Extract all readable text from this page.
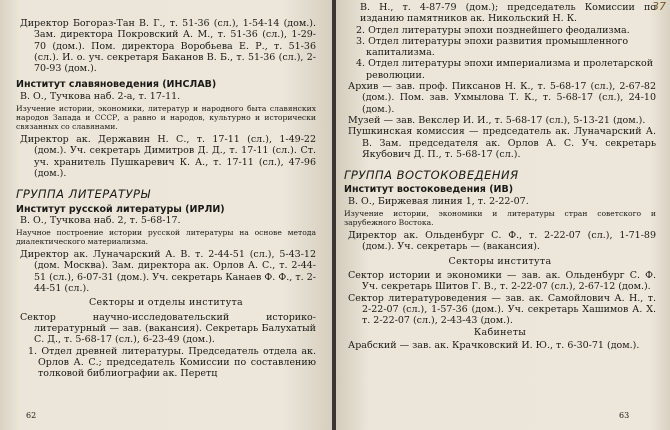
Директор Богораз-Тан В. Г., т. 51-36 (сл.), 1-54-14 (дом.). Зам. директора Покровский А. М., т. 51-36 (сл.), 1-29-70 (дом.). Пом. директора Воробьева Е. Р., т. 51-36 (сл.). И. о. уч. секретаря Баканов В. Б., т. 51-36 (сл.), 2-70-93 (дом.).

Институт славяноведения (ИНСЛАВ)

В. О., Тучкова наб. 2-а, т. 17-11.

Изучение истории, экономики, литератур и народного быта славянских народов Запада и СССР, а равно и народов, культурно и исторически связанных со славянами.

Директор ак. Державин Н. С., т. 17-11 (сл.), 1-49-22 (дом.). Уч. секретарь Димитров Д. Д., т. 17-11 (сл.). Ст. уч. хранитель Пушкаревич К. А., т. 17-11 (сл.), 47-96 (дом.).

ГРУППА ЛИТЕРАТУРЫ

Институт русской литературы (ИРЛИ)

В. О., Тучкова наб. 2, т. 5-68-17.

Научное построение истории русской литературы на основе метода диалектического материализма.

Директор ак. Луначарский А. В. т. 2-44-51 (сл.), 5-43-12 (дом. Москва). Зам. директора ак. Орлов А. С., т. 2-44-51 (сл.), 6-07-31 (дом.). Уч. секретарь Канаев Ф. Ф., т. 2-44-51 (сл.).

Секторы и отделы института

Сектор научно-исследовательский историко-литературный — зав. (вакансия). Секретарь Балухатый С. Д., т. 5-68-17 (сл.), 6-23-49 (дом.).

1. Отдел древней литературы. Председатель отдела ак. Орлов А. С.; председатель Комиссии по составлению толковой библиографии ак. Перетц

62
37

В. Н., т. 4-87-79 (дом.); председатель Комиссии по изданию памятников ак. Никольский Н. К.

2. Отдел литературы эпохи позднейшего феодализма.

3. Отдел литературы эпохи развития промышленного капитализма.

4. Отдел литературы эпохи империализма и пролетарской революции.

Архив — зав. проф. Пиксанов Н. К., т. 5-68-17 (сл.), 2-67-82 (дом.). Пом. зав. Ухмылова Т. К., т. 5-68-17 (сл.), 24-10 (дом.).

Музей — зав. Векслер И. И., т. 5-68-17 (сл.), 5-13-21 (дом.).

Пушкинская комиссия — председатель ак. Луначарский А. В. Зам. председателя ак. Орлов А. С. Уч. секретарь Якубович Д. П., т. 5-68-17 (сл.).

ГРУППА ВОСТОКОВЕДЕНИЯ

Институт востоковедения (ИВ)

В. О., Биржевая линия 1, т. 2-22-07.

Изучение истории, экономики и литературы стран советского и зарубежного Востока.

Директор ак. Ольденбург С. Ф., т. 2-22-07 (сл.), 1-71-89 (дом.). Уч. секретарь — (вакансия).

Секторы института

Сектор истории и экономики — зав. ак. Ольденбург С. Ф. Уч. секретарь Шитов Г. В., т. 2-22-07 (сл.), 2-67-12 (дом.).

Сектор литературоведения — зав. ак. Самойлович А. Н., т. 2-22-07 (сл.), 1-57-36 (дом.). Уч. секретарь Хашимов А. Х. т. 2-22-07 (сл.), 2-43-43 (дом.).

Кабинеты

Арабский — зав. ак. Крачковский И. Ю., т. 6-30-71 (дом.).

63
